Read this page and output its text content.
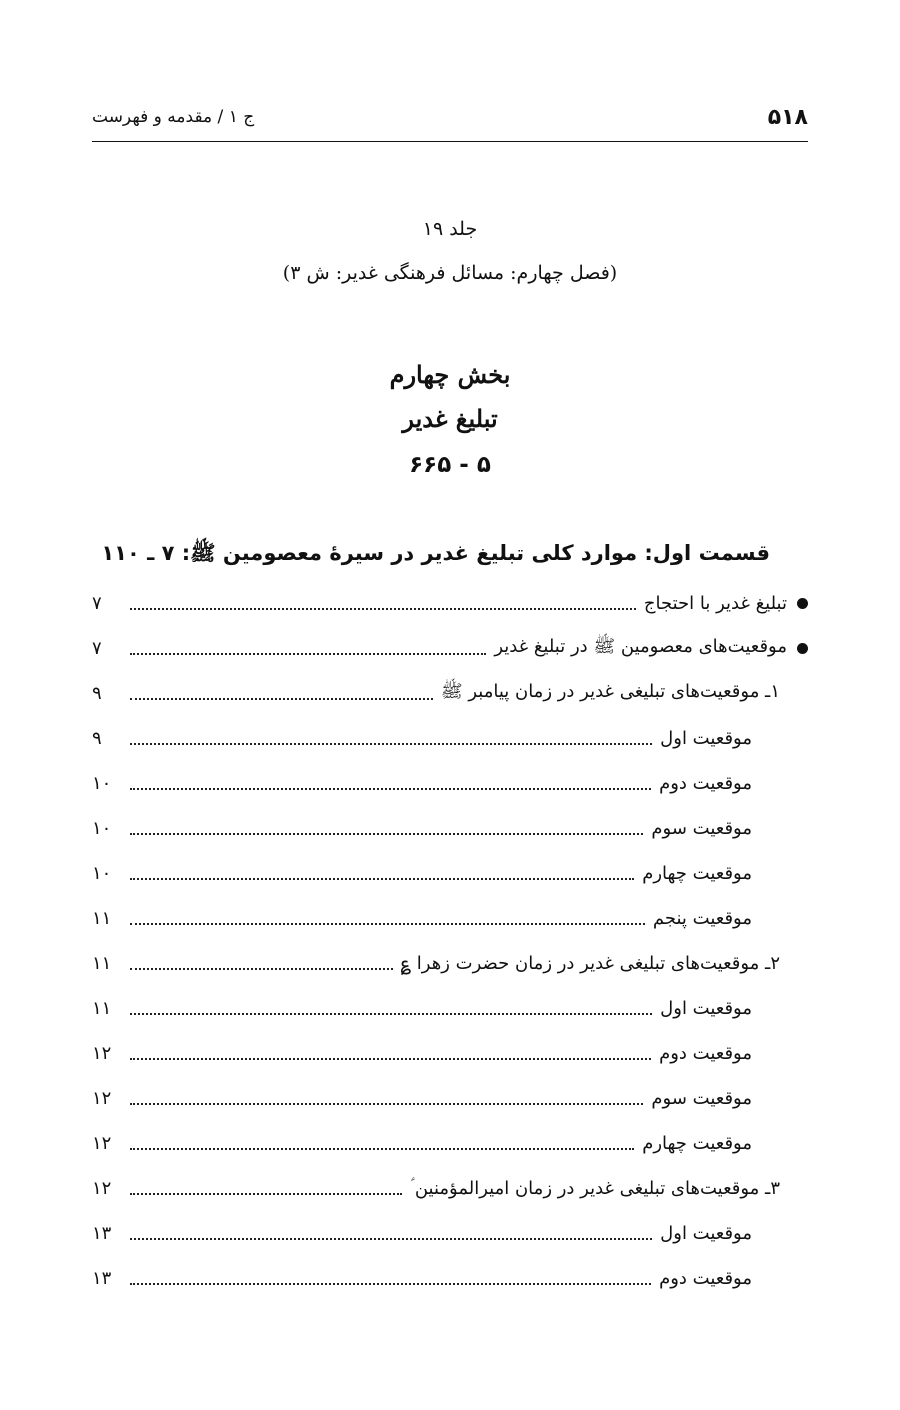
۵۱۸
ج ۱ / مقدمه و فهرست
جلد ۱۹
(فصل چهارم: مسائل فرهنگی غدیر: ش ۳)
بخش چهارم
تبلیغ غدیر
۵ - ۶۶۵
قسمت اول: موارد کلی تبلیغ غدیر در سیرۀ معصومین ﷺ: ۷ ـ ۱۱۰
تبلیغ غدیر با احتجاج
۷
موقعیت‌های معصومین ﷺ در تبلیغ غدیر
۷
۱ـ موقعیت‌های تبلیغی غدیر در زمان پیامبر ﷺ
۹
موقعیت اول
۹
موقعیت دوم
۱۰
موقعیت سوم
۱۰
موقعیت چهارم
۱۰
موقعیت پنجم
۱۱
۲ـ موقعیت‌های تبلیغی غدیر در زمان حضرت زهرا ؏
۱۱
موقعیت اول
۱۱
موقعیت دوم
۱۲
موقعیت سوم
۱۲
موقعیت چهارم
۱۲
۳ـ موقعیت‌های تبلیغی غدیر در زمان امیرالمؤمنین ؑ
۱۲
موقعیت اول
۱۳
موقعیت دوم
۱۳
